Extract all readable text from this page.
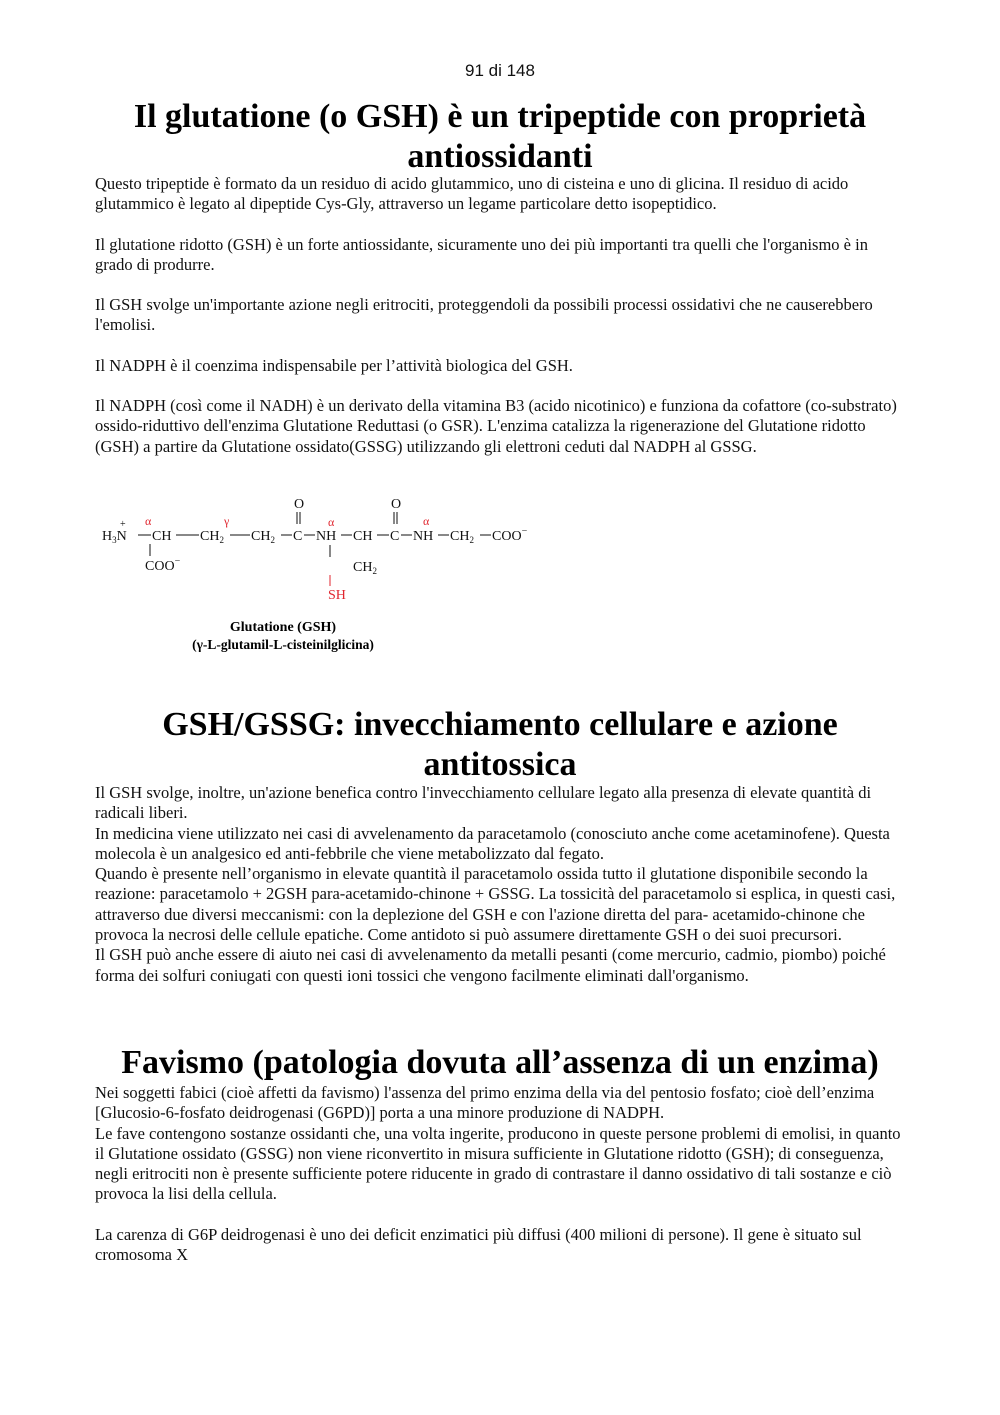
91 di 148
Il glutatione (o GSH) è un tripeptide con proprietà
antiossidanti

Questo tripeptide è formato da un residuo di acido glutammico, uno di cisteina e uno di glicina. Il residuo di acido glutammico è legato al dipeptide Cys-Gly, attraverso un legame particolare detto isopeptidico.

Il glutatione ridotto (GSH) è un forte antiossidante, sicuramente uno dei più importanti tra quelli che l'organismo è in grado di produrre.

Il GSH svolge un'importante azione negli eritrociti, proteggendoli da possibili processi ossidativi che ne causerebbero l'emolisi.

Il NADPH è il coenzima indispensabile per l’attività biologica del GSH.

Il NADPH (così come il NADH) è un derivato della vitamina B3 (acido nicotinico) e funziona da cofattore (co-substrato) ossido-riduttivo dell'enzima Glutatione Reduttasi (o GSR). L'enzima catalizza la rigenerazione del Glutatione ridotto (GSH) a partire da Glutatione ossidato(GSSG) utilizzando gli elettroni ceduti dal NADPH al GSSG.

$H_3N$
+
CH $CH_2$ $CH_2$ C NH CH C NH $CH_2$ COO−
O	O
COO−	$CH_2$
α	γ	α	α
SH
Glutatione (GSH)
(γ-L-glutamil-L-cisteinilglicina)
GSH/GSSG: invecchiamento cellulare e azione
antitossica

Il GSH svolge, inoltre, un'azione benefica contro l'invecchiamento cellulare legato alla presenza di elevate quantità di radicali liberi.

In medicina viene utilizzato nei casi di avvelenamento da paracetamolo (conosciuto anche come acetaminofene). Questa molecola è un analgesico ed anti-febbrile che viene metabolizzato dal fegato.

Quando è presente nell’organismo in elevate quantità il paracetamolo ossida tutto il glutatione disponibile secondo la reazione: paracetamolo + 2GSH para-acetamido-chinone + GSSG. La tossicità del paracetamolo si esplica, in questi casi, attraverso due diversi meccanismi: con la deplezione del GSH e con l'azione diretta del para- acetamido-chinone che provoca la necrosi delle cellule epatiche. Come antidoto si può assumere direttamente GSH o dei suoi precursori.

Il GSH può anche essere di aiuto nei casi di avvelenamento da metalli pesanti (come mercurio, cadmio, piombo) poiché forma dei solfuri coniugati con questi ioni tossici che vengono facilmente eliminati dall'organismo.

Favismo (patologia dovuta all’assenza di un enzima)

Nei soggetti fabici (cioè affetti da favismo) l'assenza del primo enzima della via del pentosio fosfato; cioè dell’enzima [Glucosio-6-fosfato deidrogenasi (G6PD)] porta a una minore produzione di NADPH.

Le fave contengono sostanze ossidanti che, una volta ingerite, producono in queste persone problemi di emolisi, in quanto il Glutatione ossidato (GSSG) non viene riconvertito in misura sufficiente in Glutatione ridotto (GSH); di conseguenza, negli eritrociti non è presente sufficiente potere riducente in grado di contrastare il danno ossidativo di tali sostanze e ciò provoca la lisi della cellula.

La carenza di G6P deidrogenasi è uno dei deficit enzimatici più diffusi (400 milioni di persone). Il gene è situato sul cromosoma X
